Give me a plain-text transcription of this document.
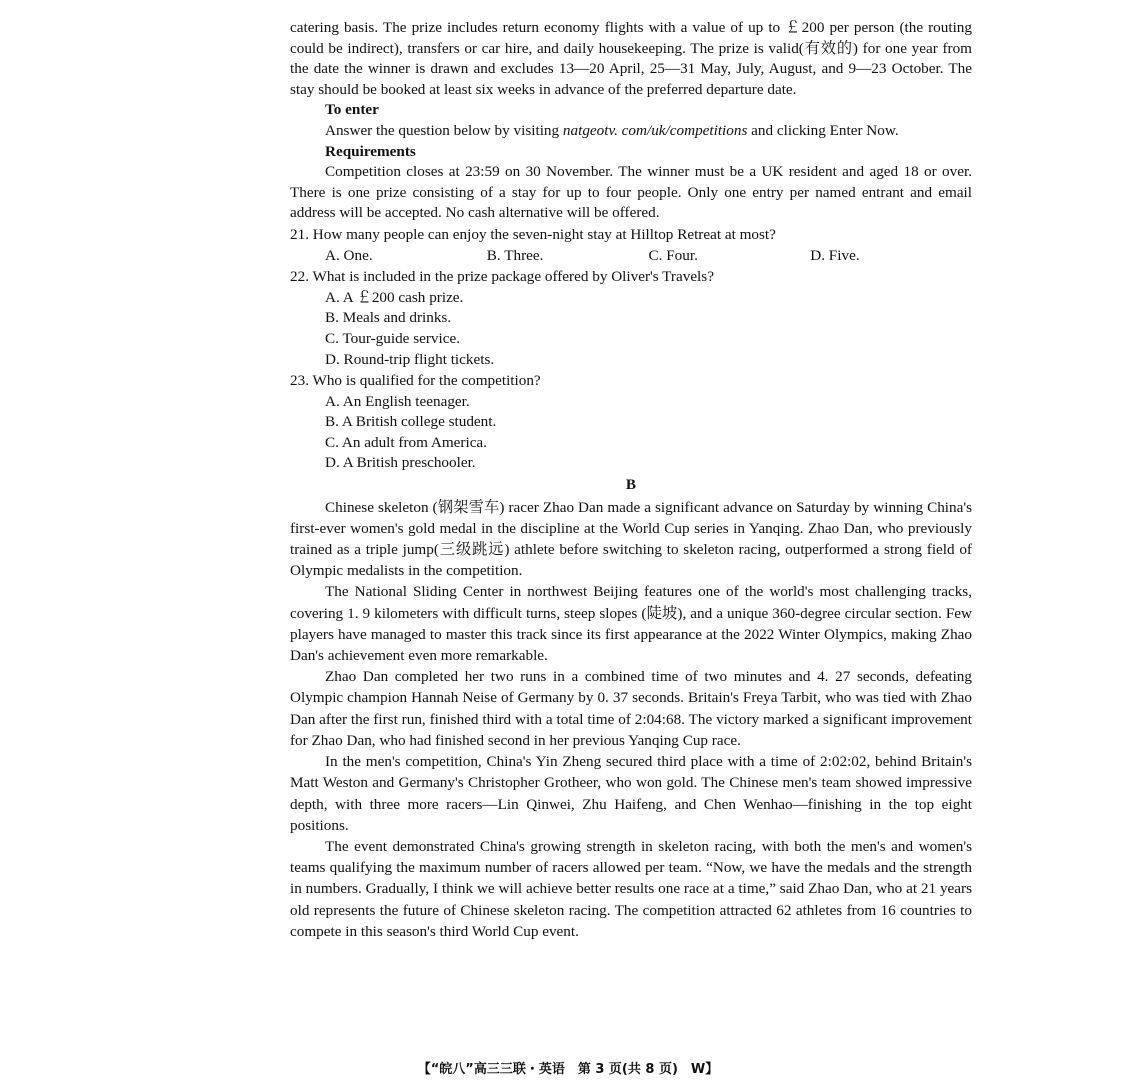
catering basis. The prize includes return economy flights with a value of up to ￡200 per person (the routing could be indirect), transfers or car hire, and daily housekeeping. The prize is valid(有效的) for one year from the date the winner is drawn and excludes 13—20 April, 25—31 May, July, August, and 9—23 October. The stay should be booked at least six weeks in advance of the preferred departure date.

To enter

Answer the question below by visiting natgeotv. com/uk/competitions and clicking Enter Now.

Requirements

Competition closes at 23:59 on 30 November. The winner must be a UK resident and aged 18 or over. There is one prize consisting of a stay for up to four people. Only one entry per named entrant and email address will be accepted. No cash alternative will be offered.

21. How many people can enjoy the seven-night stay at Hilltop Retreat at most?

A. One.	B. Three.	C. Four.	D. Five.

22. What is included in the prize package offered by Oliver's Travels?

A. A ￡200 cash prize.
B. Meals and drinks.
C. Tour-guide service.
D. Round-trip flight tickets.

23. Who is qualified for the competition?

A. An English teenager.

B. A British college student.

C. An adult from America.

D. A British preschooler.

B

Chinese skeleton (钢架雪车) racer Zhao Dan made a significant advance on Saturday by winning China's first-ever women's gold medal in the discipline at the World Cup series in Yanqing. Zhao Dan, who previously trained as a triple jump(三级跳远) athlete before switching to skeleton racing, outperformed a strong field of Olympic medalists in the competition.

The National Sliding Center in northwest Beijing features one of the world's most challenging tracks, covering 1. 9 kilometers with difficult turns, steep slopes (陡坡), and a unique 360-degree circular section. Few players have managed to master this track since its first appearance at the 2022 Winter Olympics, making Zhao Dan's achievement even more remarkable.

Zhao Dan completed her two runs in a combined time of two minutes and 4. 27 seconds, defeating Olympic champion Hannah Neise of Germany by 0. 37 seconds. Britain's Freya Tarbit, who was tied with Zhao Dan after the first run, finished third with a total time of 2:04:68. The victory marked a significant improvement for Zhao Dan, who had finished second in her previous Yanqing Cup race.

In the men's competition, China's Yin Zheng secured third place with a time of 2:02:02, behind Britain's Matt Weston and Germany's Christopher Grotheer, who won gold. The Chinese men's team showed impressive depth, with three more racers—Lin Qinwei, Zhu Haifeng, and Chen Wenhao—finishing in the top eight positions.

The event demonstrated China's growing strength in skeleton racing, with both the men's and women's teams qualifying the maximum number of racers allowed per team. “Now, we have the medals and the strength in numbers. Gradually, I think we will achieve better results one race at a time,” said Zhao Dan, who at 21 years old represents the future of Chinese skeleton racing. The competition attracted 62 athletes from 16 countries to compete in this season's third World Cup event.

【“皖八”高三三联・英语　第 3 页(共 8 页)　W】
